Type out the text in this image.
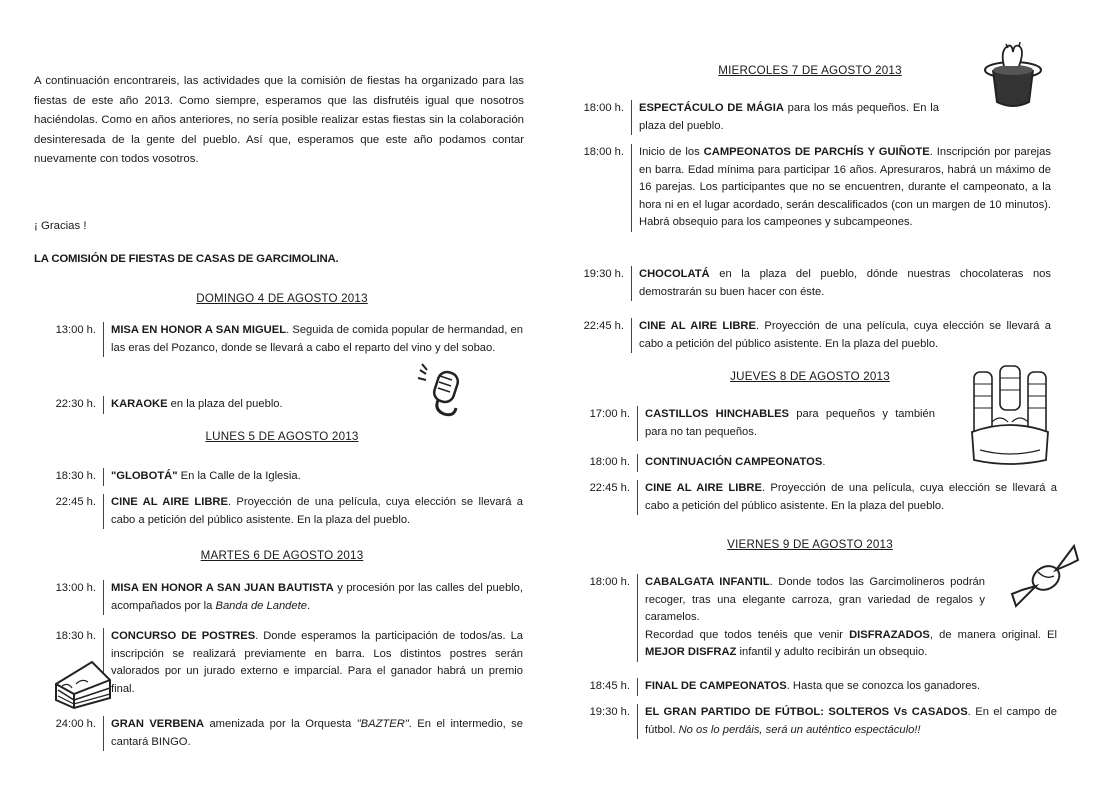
A continuación encontrareis, las actividades que la comisión de fiestas ha organizado para las fiestas de este año 2013. Como siempre, esperamos que las disfrutéis igual que nosotros haciéndolas. Como en años anteriores, no sería posible realizar estas fiestas sin la colaboración desinteresada de la gente del pueblo. Así que, esperamos que este año podamos contar nuevamente con todos vosotros.
¡ Gracias !
LA COMISIÓN DE FIESTAS DE CASAS DE GARCIMOLINA.
DOMINGO 4 DE AGOSTO 2013
13:00 h.	MISA EN HONOR A SAN MIGUEL. Seguida de comida popular de hermandad, en las eras del Pozanco, donde se llevará a cabo el reparto del vino y del sobao.
22:30 h.	KARAOKE en la plaza del pueblo.
LUNES 5 DE AGOSTO 2013
18:30 h.	"GLOBOTÁ" En la Calle de la Iglesia.
22:45 h.	CINE AL AIRE LIBRE. Proyección de una película, cuya elección se llevará a cabo a petición del público asistente. En la plaza del pueblo.
MARTES 6 DE AGOSTO 2013
13:00 h.	MISA EN HONOR A SAN JUAN BAUTISTA y procesión por las calles del pueblo, acompañados por la Banda de Landete.
18:30 h.	CONCURSO DE POSTRES. Donde esperamos la participación de todos/as. La inscripción se realizará previamente en barra. Los distintos postres serán valorados por un jurado externo e imparcial. Para el ganador habrá un premio final.
24:00 h.	GRAN VERBENA amenizada por la Orquesta "BAZTER". En el intermedio, se cantará BINGO.
MIERCOLES 7 DE AGOSTO 2013
18:00 h.	ESPECTÁCULO DE MÁGIA para los más pequeños. En la plaza del pueblo.
18:00 h.	Inicio de los CAMPEONATOS DE PARCHÍS Y GUIÑOTE. Inscripción por parejas en barra. Edad mínima para participar 16 años. Apresuraros, habrá un máximo de 16 parejas. Los participantes que no se encuentren, durante el campeonato, a la hora ni en el lugar acordado, serán descalificados (con un margen de 10 minutos). Habrá obsequio para los campeones y subcampeones.
19:30 h.	CHOCOLATÁ en la plaza del pueblo, dónde nuestras chocolateras nos demostrarán su buen hacer con éste.
22:45 h.	CINE AL AIRE LIBRE. Proyección de una película, cuya elección se llevará a cabo a petición del público asistente. En la plaza del pueblo.
JUEVES 8 DE AGOSTO 2013
17:00 h.	CASTILLOS HINCHABLES para pequeños y también para no tan pequeños.
18:00 h.	CONTINUACIÓN CAMPEONATOS.
22:45 h.	CINE AL AIRE LIBRE. Proyección de una película, cuya elección se llevará a cabo a petición del público asistente. En la plaza del pueblo.
VIERNES 9 DE AGOSTO 2013
18:00 h.	CABALGATA INFANTIL. Donde todos las Garcimolineros podrán recoger, tras una elegante carroza, gran variedad de regalos y caramelos.
Recordad que todos tenéis que venir DISFRAZADOS, de manera original. El MEJOR DISFRAZ infantil y adulto recibirán un obsequio.
18:45 h.	FINAL DE CAMPEONATOS. Hasta que se conozca los ganadores.
19:30 h.	EL GRAN PARTIDO DE FÚTBOL: SOLTEROS Vs CASADOS. En el campo de fútbol. No os lo perdáis, será un auténtico espectáculo!!
